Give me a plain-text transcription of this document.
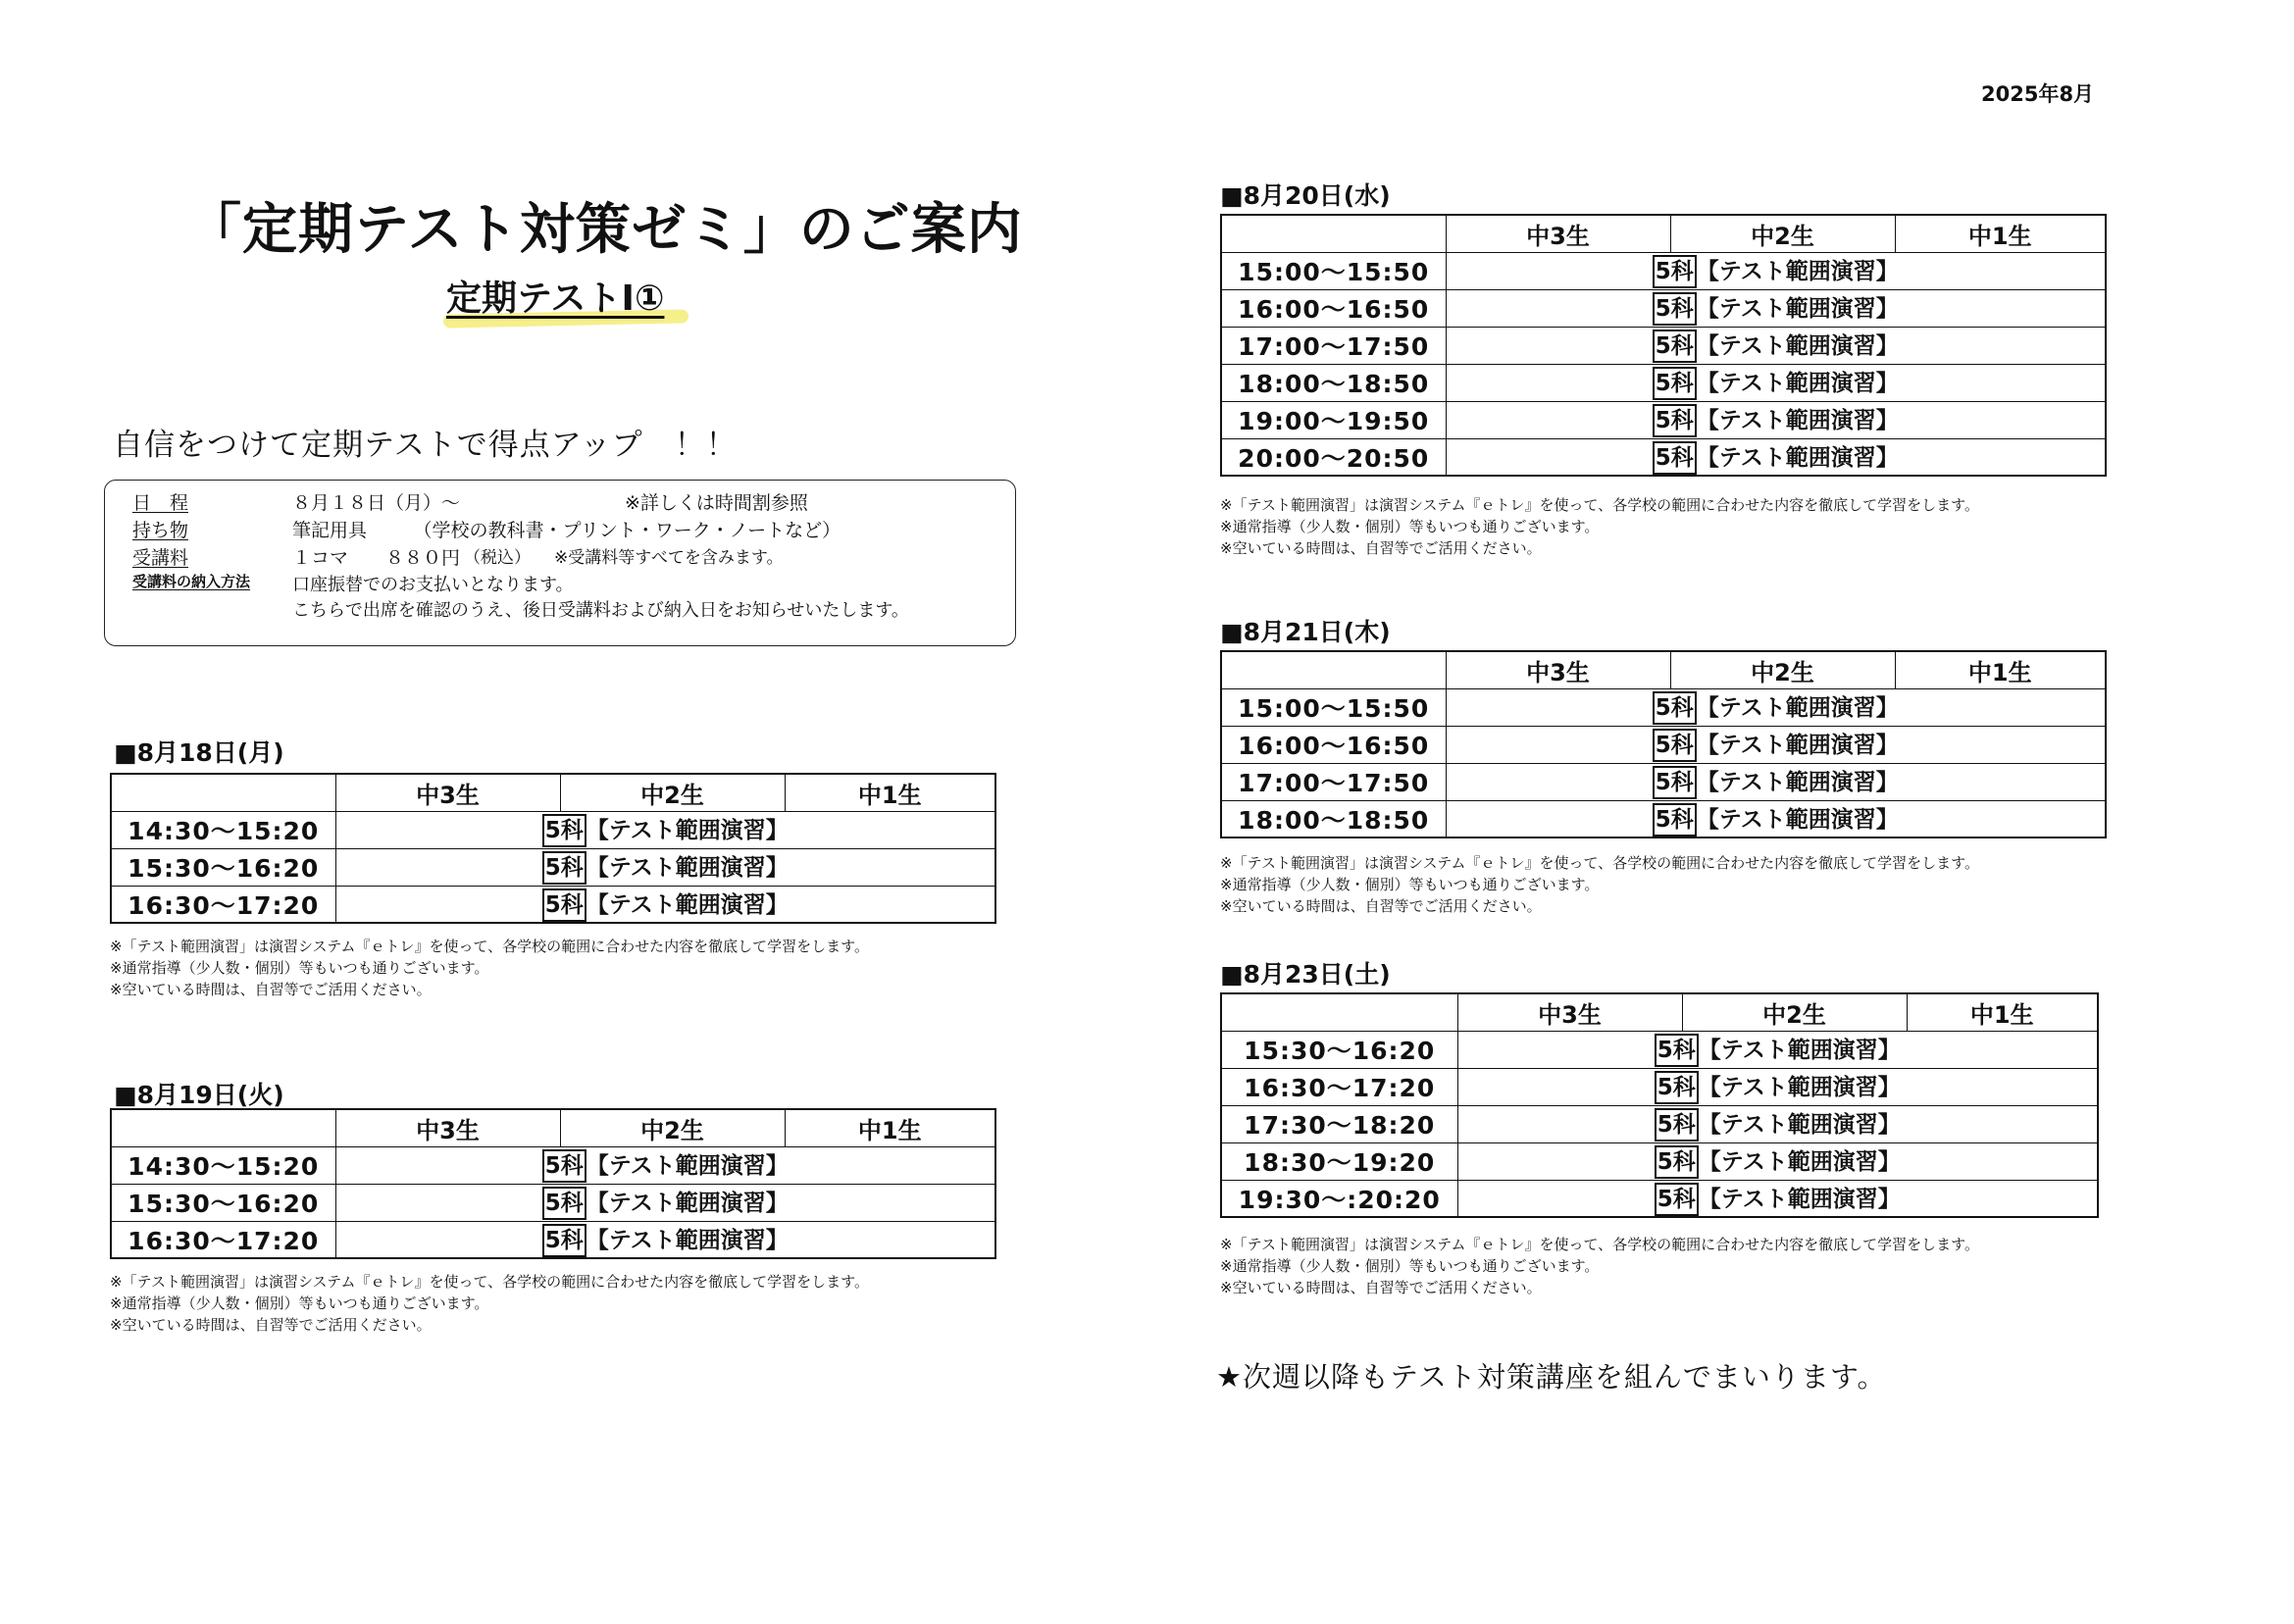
2025年8月
「定期テスト対策ゼミ」のご案内
定期テストⅠ①
自信をつけて定期テストで得点アップ　！！
日　程	８月１８日（月）～	※詳しくは時間割参照
持ち物	筆記用具　　　（学校の教科書・プリント・ワーク・ノートなど）
受講料	１コマ　　８８０円 （税込） ※受講料等すべてを含みます。
受講料の納入方法	口座振替でのお支払いとなります。
こちらで出席を確認のうえ、後日受講料および納入日をお知らせいたします。
■8月18日(月)
	中3生	中2生	中1生
14:30～15:20	5科 【テスト範囲演習】		
15:30～16:20	5科 【テスト範囲演習】		
16:30～17:20	5科 【テスト範囲演習】		
※「テスト範囲演習」は演習システム『ｅトレ』を使って、各学校の範囲に合わせた内容を徹底して学習をします。
※通常指導（少人数・個別）等もいつも通りございます。
※空いている時間は、自習等でご活用ください。
■8月19日(火)
	中3生	中2生	中1生
14:30～15:20	5科 【テスト範囲演習】		
15:30～16:20	5科 【テスト範囲演習】		
16:30～17:20	5科 【テスト範囲演習】		
※「テスト範囲演習」は演習システム『ｅトレ』を使って、各学校の範囲に合わせた内容を徹底して学習をします。
※通常指導（少人数・個別）等もいつも通りございます。
※空いている時間は、自習等でご活用ください。
■8月20日(水)
	中3生	中2生	中1生
15:00～15:50	5科 【テスト範囲演習】		
16:00～16:50	5科 【テスト範囲演習】		
17:00～17:50	5科 【テスト範囲演習】		
18:00～18:50	5科 【テスト範囲演習】		
19:00～19:50	5科 【テスト範囲演習】		
20:00～20:50	5科 【テスト範囲演習】		
※「テスト範囲演習」は演習システム『ｅトレ』を使って、各学校の範囲に合わせた内容を徹底して学習をします。
※通常指導（少人数・個別）等もいつも通りございます。
※空いている時間は、自習等でご活用ください。
■8月21日(木)
	中3生	中2生	中1生
15:00～15:50	5科 【テスト範囲演習】		
16:00～16:50	5科 【テスト範囲演習】		
17:00～17:50	5科 【テスト範囲演習】		
18:00～18:50	5科 【テスト範囲演習】		
※「テスト範囲演習」は演習システム『ｅトレ』を使って、各学校の範囲に合わせた内容を徹底して学習をします。
※通常指導（少人数・個別）等もいつも通りございます。
※空いている時間は、自習等でご活用ください。
■8月23日(土)
	中3生	中2生	中1生
15:30～16:20	5科 【テスト範囲演習】		
16:30～17:20	5科 【テスト範囲演習】		
17:30～18:20	5科 【テスト範囲演習】		
18:30～19:20	5科 【テスト範囲演習】		
19:30～:20:20	5科 【テスト範囲演習】		
※「テスト範囲演習」は演習システム『ｅトレ』を使って、各学校の範囲に合わせた内容を徹底して学習をします。
※通常指導（少人数・個別）等もいつも通りございます。
※空いている時間は、自習等でご活用ください。
★次週以降もテスト対策講座を組んでまいります。
